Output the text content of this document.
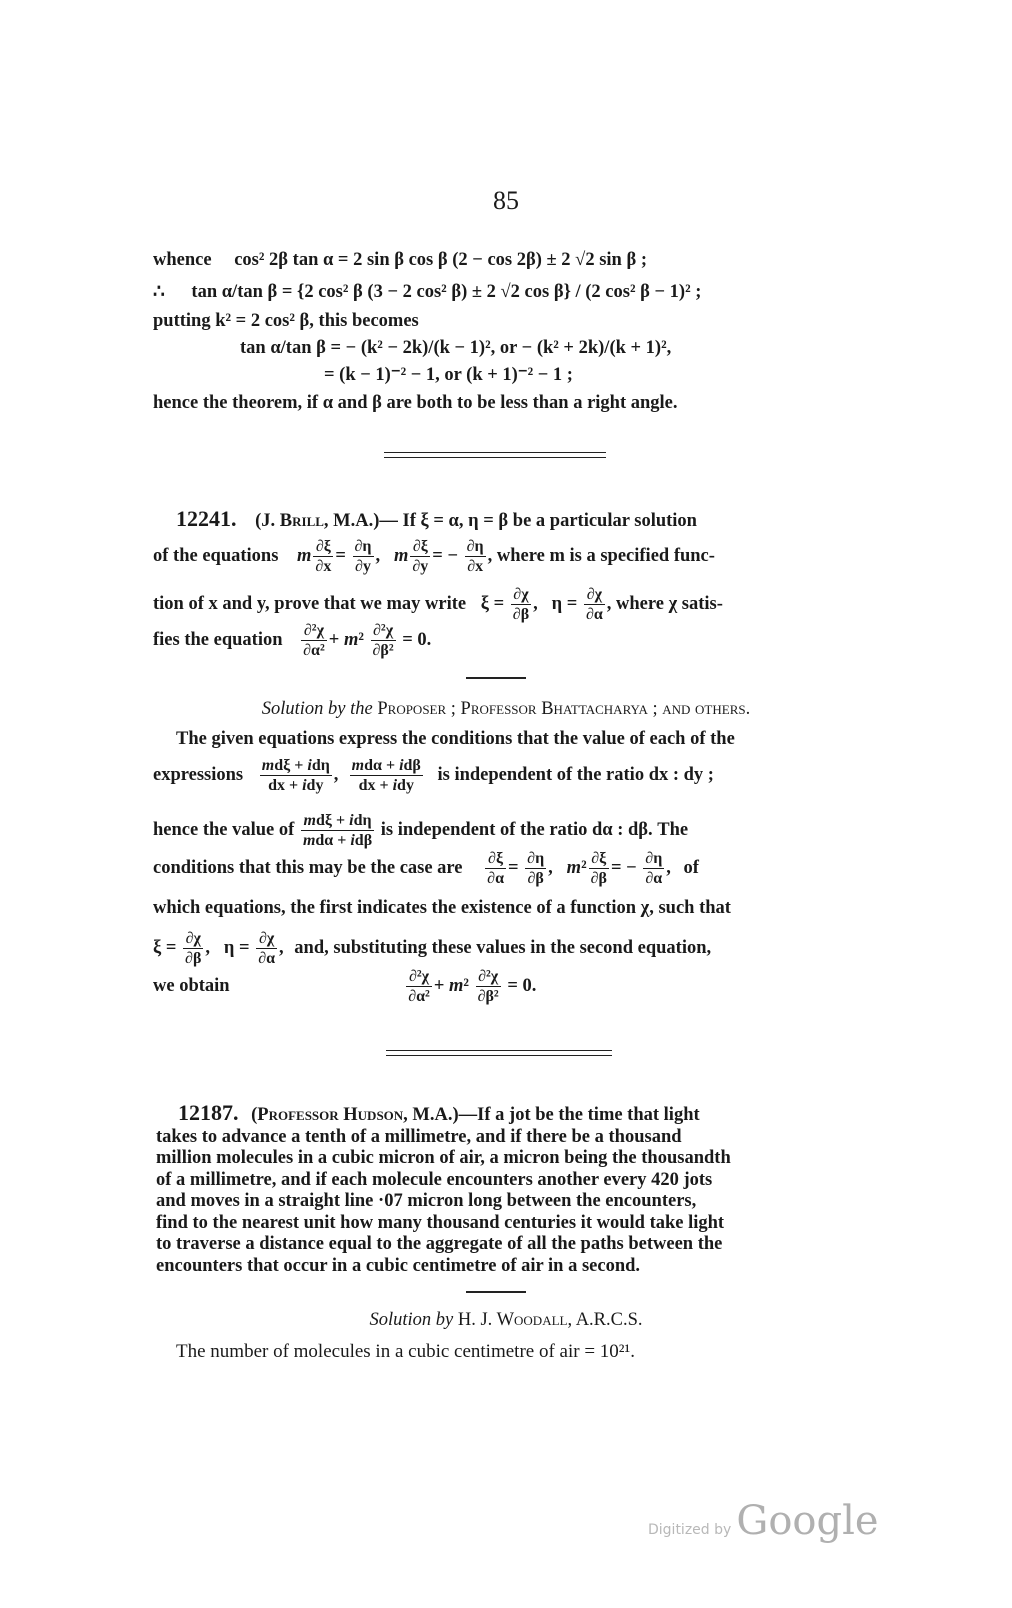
85
whence cos² 2β tan α = 2 sin β cos β (2 − cos 2β) ± 2 √2 sin β ;
∴ tan α/tan β = {2 cos² β (3 − 2 cos² β) ± 2 √2 cos β} / (2 cos² β − 1)² ;
putting k² = 2 cos² β, this becomes
tan α/tan β = − (k² − 2k)/(k − 1)², or − (k² + 2k)/(k + 1)²,
= (k − 1)⁻² − 1, or (k + 1)⁻² − 1 ;
hence the theorem, if α and β are both to be less than a right angle.
12241. (J. Brill, M.A.)— If ξ = α, η = β be a particular solution
of the equations m $\frac{\partial\xi}{\partial x} = \frac{\partial\eta}{\partial y}$ ,   m $\frac{\partial\xi}{\partial y}$ = − $\frac{\partial\eta}{\partial x}$ , where m is a specified func-
tion of x and y, prove that we may write $\xi = \frac{\partial\chi}{\partial\beta}$ ,   $\eta = \frac{\partial\chi}{\partial\alpha}$ , where χ satis-
fies the equation $\frac{\text{∂²χ}}{\text{∂α²}} + m^2 \frac{\text{∂²χ}}{\text{∂β²}} = 0$.
Solution by the Proposer ; Professor Bhattacharya ; and others.
The given equations express the conditions that the value of each of the
expressions $\frac{\text{mdξ + idη}}{\text{dx + idy}}$ , $\frac{\text{mdα + idβ}}{\text{dx + idy}}$ is independent of the ratio dx : dy ;
hence the value of $\frac{\text{mdξ + idη}}{\text{mdα + idβ}}$ is independent of the ratio dα : dβ. The
conditions that this may be the case are $\frac{\partial\xi}{\partial\alpha} = \frac{\partial\eta}{\partial\beta}$ ,   $m^2 \frac{\partial\xi}{\partial\beta}$ = − $\frac{\partial\eta}{\partial\alpha}$ , of
which equations, the first indicates the existence of a function χ, such that
$\xi = \frac{\partial\chi}{\partial\beta}$ ,   $\eta = \frac{\partial\chi}{\partial\alpha}$ , and, substituting these values in the second equation,
we obtain	$\frac{\text{∂²χ}}{\text{∂α²}} + m^2 \frac{\text{∂²χ}}{\text{∂β²}} = 0$.
12187. (Professor Hudson, M.A.)—If a jot be the time that light
takes to advance a tenth of a millimetre, and if there be a thousand
million molecules in a cubic micron of air, a micron being the thousandth
of a millimetre, and if each molecule encounters another every 420 jots
and moves in a straight line ·07 micron long between the encounters,
find to the nearest unit how many thousand centuries it would take light
to traverse a distance equal to the aggregate of all the paths between the
encounters that occur in a cubic centimetre of air in a second.
Solution by H. J. Woodall, A.R.C.S.
The number of molecules in a cubic centimetre of air = 10²¹.
Digitized by Google
